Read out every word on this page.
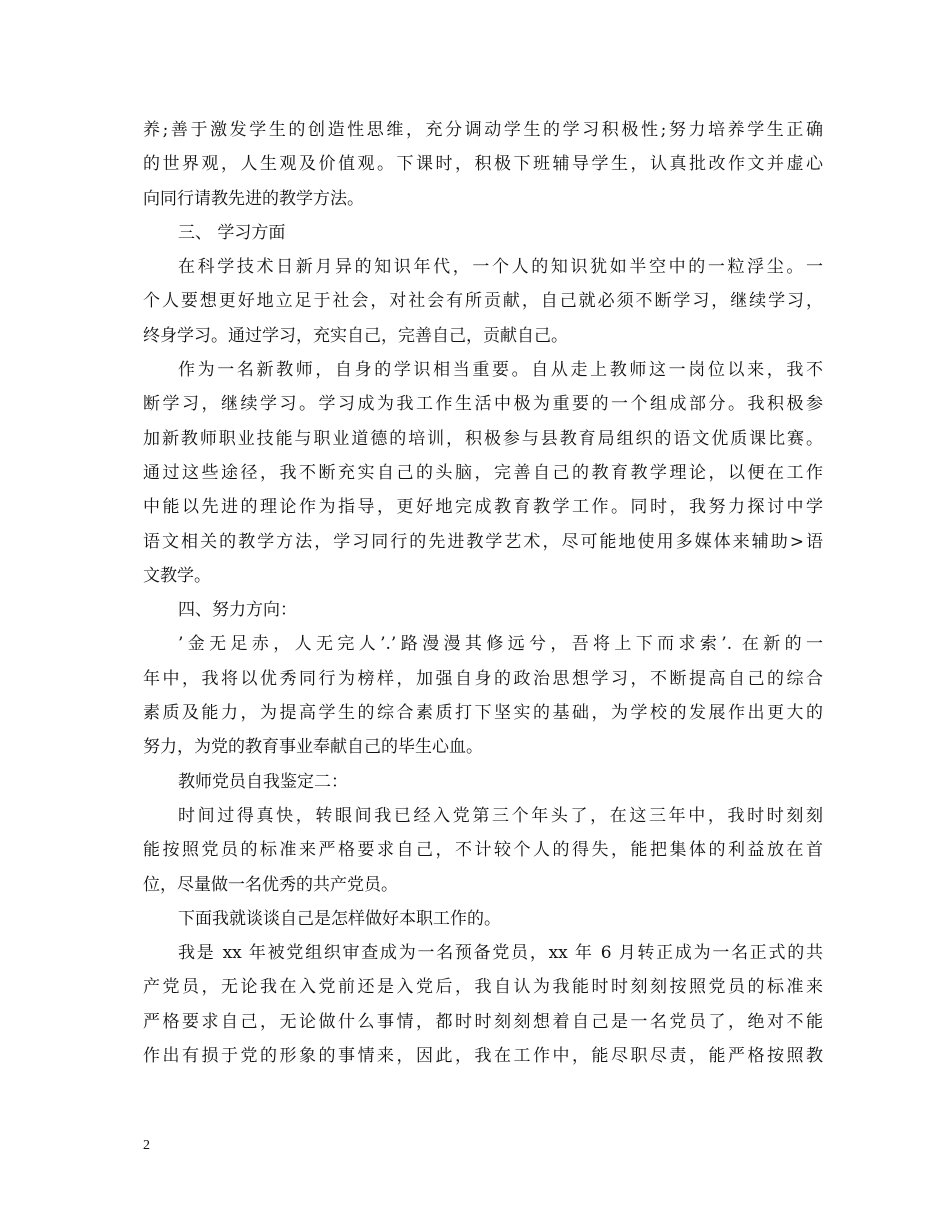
养;善于激发学生的创造性思维，充分调动学生的学习积极性;努力培养学生正确
的世界观，人生观及价值观。下课时，积极下班辅导学生，认真批改作文并虚心
向同行请教先进的教学方法。
三、 学习方面
在科学技术日新月异的知识年代，一个人的知识犹如半空中的一粒浮尘。一
个人要想更好地立足于社会，对社会有所贡献，自己就必须不断学习，继续学习，
终身学习。通过学习，充实自己，完善自己，贡献自己。
作为一名新教师，自身的学识相当重要。自从走上教师这一岗位以来，我不
断学习，继续学习。学习成为我工作生活中极为重要的一个组成部分。我积极参
加新教师职业技能与职业道德的培训，积极参与县教育局组织的语文优质课比赛。
通过这些途径，我不断充实自己的头脑，完善自己的教育教学理论，以便在工作
中能以先进的理论作为指导，更好地完成教育教学工作。同时，我努力探讨中学
语文相关的教学方法，学习同行的先进教学艺术，尽可能地使用多媒体来辅助>语
文教学。
四、努力方向：
’金无足赤，人无完人’.’路漫漫其修远兮，吾将上下而求索’. 在新的一
年中，我将以优秀同行为榜样，加强自身的政治思想学习，不断提高自己的综合
素质及能力，为提高学生的综合素质打下坚实的基础，为学校的发展作出更大的
努力，为党的教育事业奉献自己的毕生心血。
教师党员自我鉴定二：
时间过得真快，转眼间我已经入党第三个年头了，在这三年中，我时时刻刻
能按照党员的标准来严格要求自己，不计较个人的得失，能把集体的利益放在首
位，尽量做一名优秀的共产党员。
下面我就谈谈自己是怎样做好本职工作的。
我是 xx 年被党组织审查成为一名预备党员，xx 年 6 月转正成为一名正式的共
产党员，无论我在入党前还是入党后，我自认为我能时时刻刻按照党员的标准来
严格要求自己，无论做什么事情，都时时刻刻想着自己是一名党员了，绝对不能
作出有损于党的形象的事情来，因此，我在工作中，能尽职尽责，能严格按照教
2
